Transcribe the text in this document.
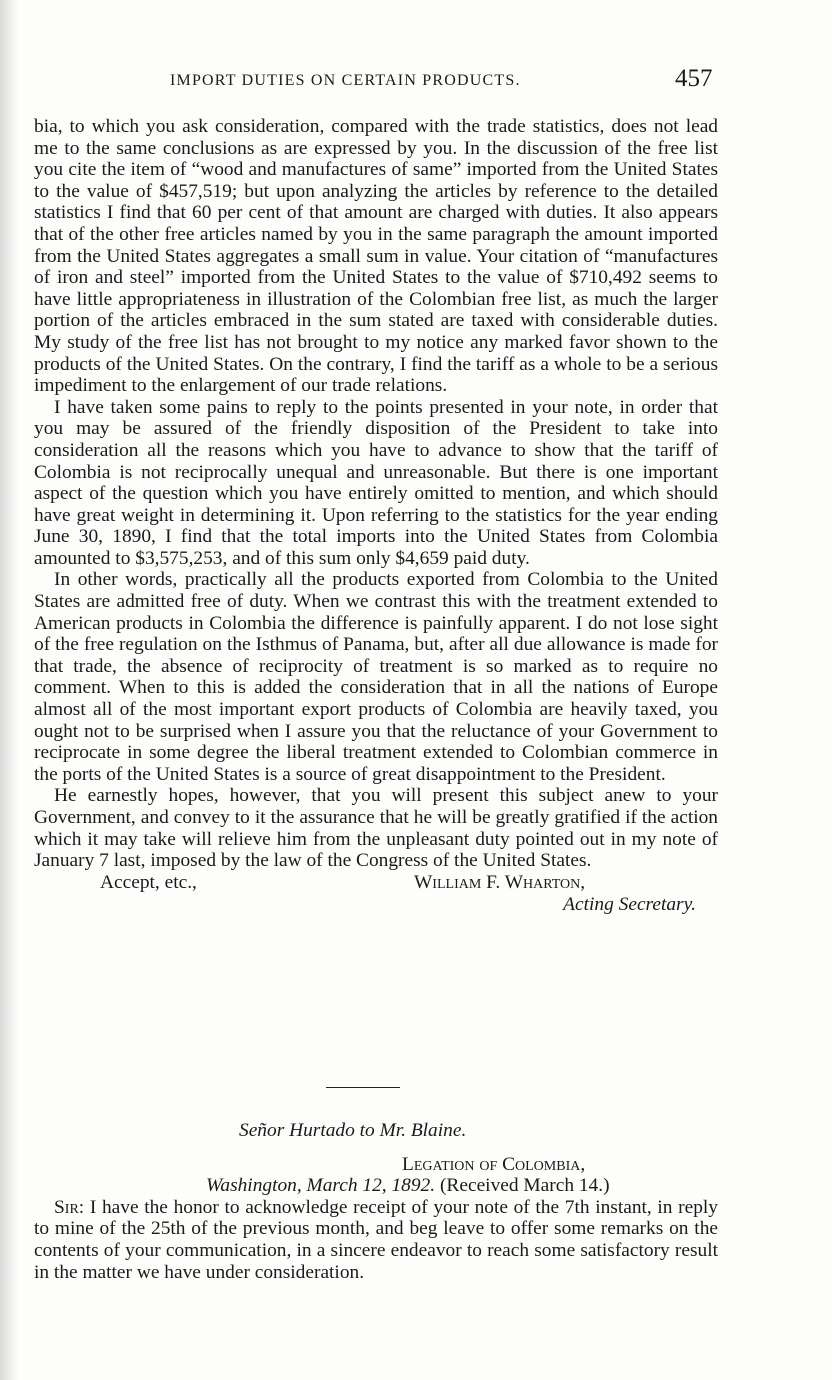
IMPORT DUTIES ON CERTAIN PRODUCTS.	457

bia, to which you ask consideration, compared with the trade statistics, does not lead me to the same conclusions as are expressed by you. In the discussion of the free list you cite the item of “wood and manufactures of same” imported from the United States to the value of $457,519; but upon analyzing the articles by reference to the detailed statistics I find that 60 per cent of that amount are charged with duties. It also appears that of the other free articles named by you in the same paragraph the amount imported from the United States aggregates a small sum in value. Your citation of “manufactures of iron and steel” imported from the United States to the value of $710,492 seems to have little appropriateness in illustration of the Colombian free list, as much the larger portion of the articles embraced in the sum stated are taxed with considerable duties. My study of the free list has not brought to my notice any marked favor shown to the products of the United States. On the contrary, I find the tariff as a whole to be a serious impediment to the enlargement of our trade relations.

I have taken some pains to reply to the points presented in your note, in order that you may be assured of the friendly disposition of the President to take into consideration all the reasons which you have to advance to show that the tariff of Colombia is not reciprocally unequal and unreasonable. But there is one important aspect of the question which you have entirely omitted to mention, and which should have great weight in determining it. Upon referring to the statistics for the year ending June 30, 1890, I find that the total imports into the United States from Colombia amounted to $3,575,253, and of this sum only $4,659 paid duty.

In other words, practically all the products exported from Colombia to the United States are admitted free of duty. When we contrast this with the treatment extended to American products in Colombia the difference is painfully apparent. I do not lose sight of the free regulation on the Isthmus of Panama, but, after all due allowance is made for that trade, the absence of reciprocity of treatment is so marked as to require no comment. When to this is added the consideration that in all the nations of Europe almost all of the most important export products of Colombia are heavily taxed, you ought not to be surprised when I assure you that the reluctance of your Government to reciprocate in some degree the liberal treatment extended to Colombian commerce in the ports of the United States is a source of great disappointment to the President.

He earnestly hopes, however, that you will present this subject anew to your Government, and convey to it the assurance that he will be greatly gratified if the action which it may take will relieve him from the unpleasant duty pointed out in my note of January 7 last, imposed by the law of the Congress of the United States.

Accept, etc.,	William F. Wharton,
Acting Secretary.
Señor Hurtado to Mr. Blaine.
Legation of Colombia,
Washington, March 12, 1892. (Received March 14.)

Sir: I have the honor to acknowledge receipt of your note of the 7th instant, in reply to mine of the 25th of the previous month, and beg leave to offer some remarks on the contents of your communication, in a sincere endeavor to reach some satisfactory result in the matter we have under consideration.
